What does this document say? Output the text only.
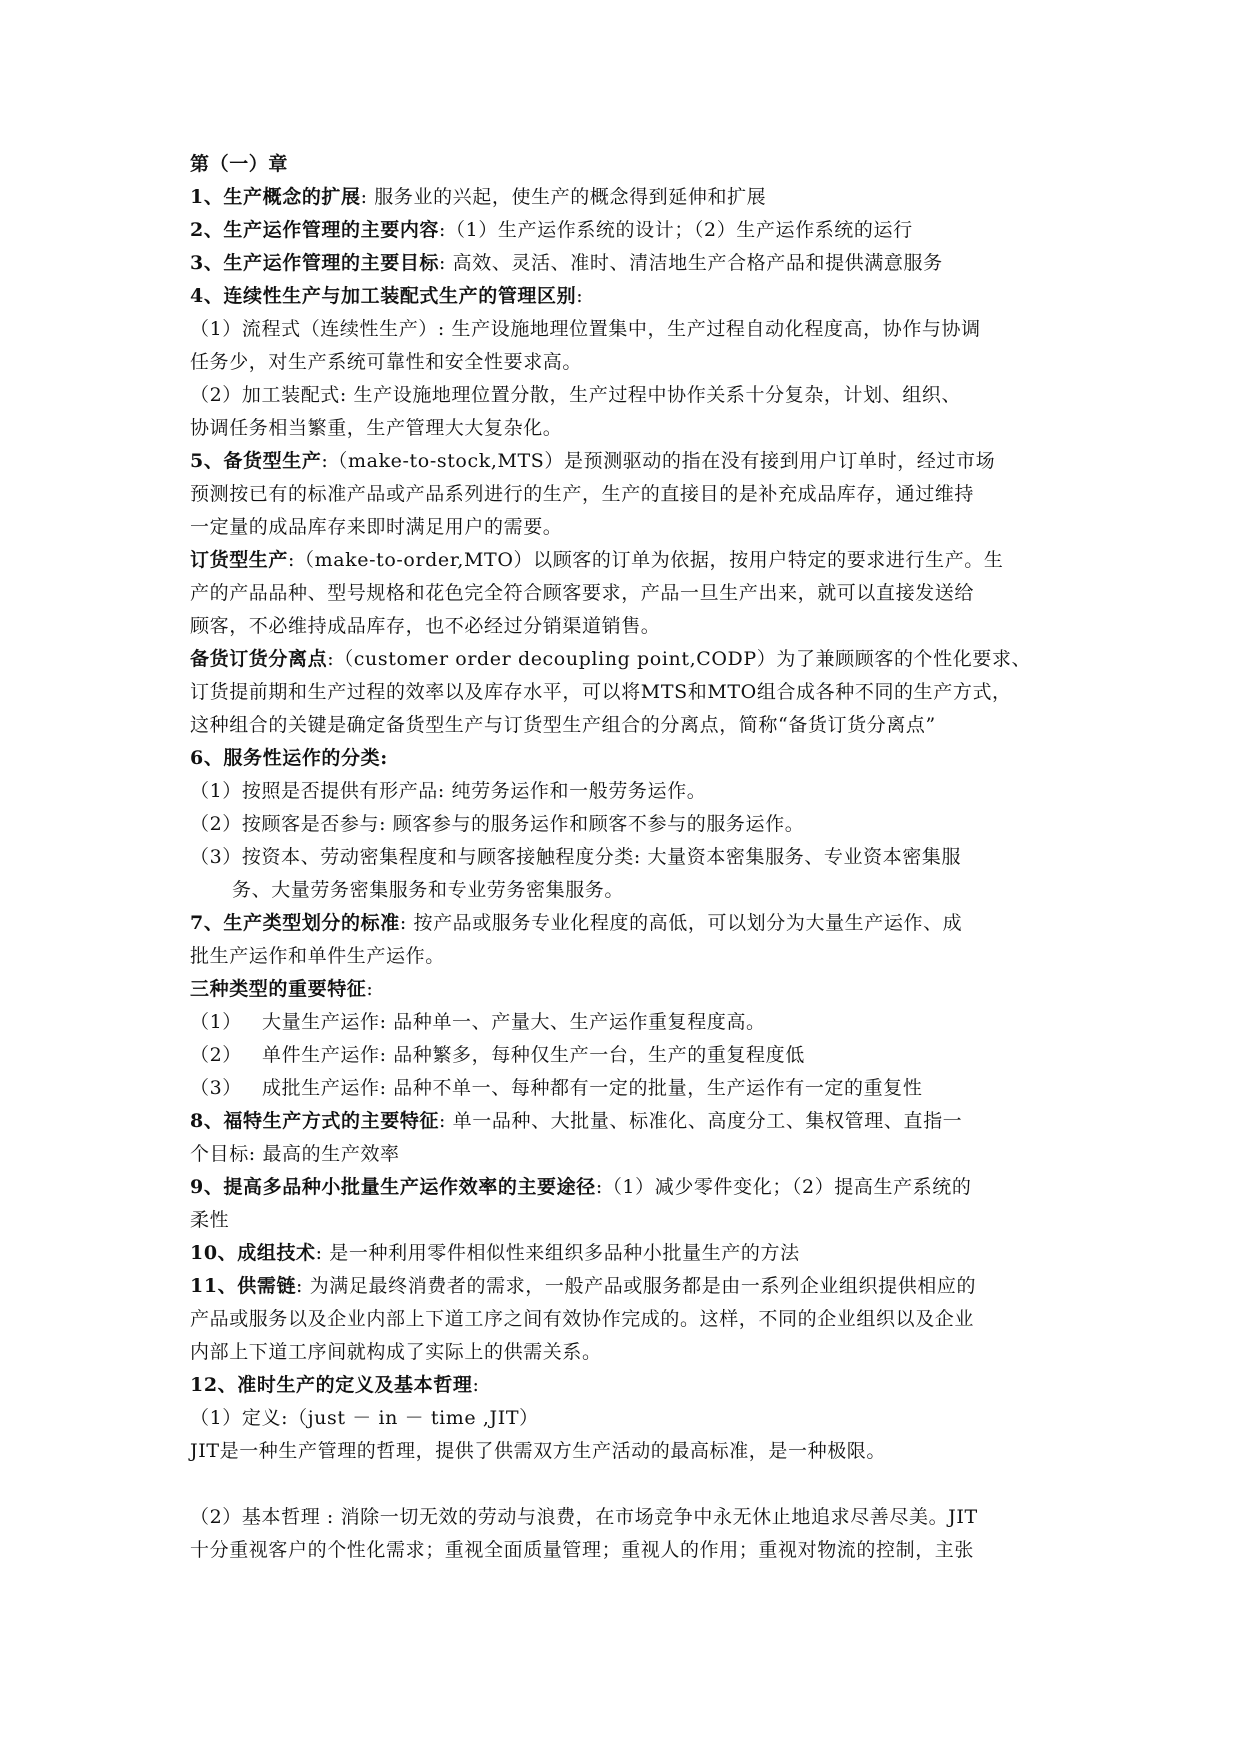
第（一）章
1、生产概念的扩展: 服务业的兴起，使生产的概念得到延伸和扩展
2、生产运作管理的主要内容:（1）生产运作系统的设计；（2）生产运作系统的运行
3、生产运作管理的主要目标: 高效、灵活、准时、清洁地生产合格产品和提供满意服务
4、连续性生产与加工装配式生产的管理区别:
（1）流程式（连续性生产）: 生产设施地理位置集中，生产过程自动化程度高，协作与协调
任务少，对生产系统可靠性和安全性要求高。
（2）加工装配式: 生产设施地理位置分散，生产过程中协作关系十分复杂，计划、组织、
协调任务相当繁重，生产管理大大复杂化。
5、备货型生产:（make-to-stock,MTS）是预测驱动的指在没有接到用户订单时，经过市场
预测按已有的标准产品或产品系列进行的生产，生产的直接目的是补充成品库存，通过维持
一定量的成品库存来即时满足用户的需要。
订货型生产:（make-to-order,MTO）以顾客的订单为依据，按用户特定的要求进行生产。生
产的产品品种、型号规格和花色完全符合顾客要求，产品一旦生产出来，就可以直接发送给
顾客，不必维持成品库存，也不必经过分销渠道销售。
备货订货分离点:（customer order decoupling point,CODP）为了兼顾顾客的个性化要求、
订货提前期和生产过程的效率以及库存水平，可以将MTS和MTO组合成各种不同的生产方式，
这种组合的关键是确定备货型生产与订货型生产组合的分离点，简称“备货订货分离点”
6、服务性运作的分类:
（1）按照是否提供有形产品: 纯劳务运作和一般劳务运作。
（2）按顾客是否参与: 顾客参与的服务运作和顾客不参与的服务运作。
（3）按资本、劳动密集程度和与顾客接触程度分类: 大量资本密集服务、专业资本密集服
务、大量劳务密集服务和专业劳务密集服务。
7、生产类型划分的标准: 按产品或服务专业化程度的高低，可以划分为大量生产运作、成
批生产运作和单件生产运作。
三种类型的重要特征:
（1） 大量生产运作: 品种单一、产量大、生产运作重复程度高。
（2） 单件生产运作: 品种繁多，每种仅生产一台，生产的重复程度低
（3） 成批生产运作: 品种不单一、每种都有一定的批量，生产运作有一定的重复性
8、福特生产方式的主要特征: 单一品种、大批量、标准化、高度分工、集权管理、直指一
个目标: 最高的生产效率
9、提高多品种小批量生产运作效率的主要途径:（1）减少零件变化；（2）提高生产系统的
柔性
10、成组技术: 是一种利用零件相似性来组织多品种小批量生产的方法
11、供需链: 为满足最终消费者的需求，一般产品或服务都是由一系列企业组织提供相应的
产品或服务以及企业内部上下道工序之间有效协作完成的。这样，不同的企业组织以及企业
内部上下道工序间就构成了实际上的供需关系。
12、准时生产的定义及基本哲理:
（1）定义:（just － in － time ,JIT）
JIT是一种生产管理的哲理，提供了供需双方生产活动的最高标准，是一种极限。
（2）基本哲理 : 消除一切无效的劳动与浪费，在市场竞争中永无休止地追求尽善尽美。JIT
十分重视客户的个性化需求；重视全面质量管理；重视人的作用；重视对物流的控制，主张
